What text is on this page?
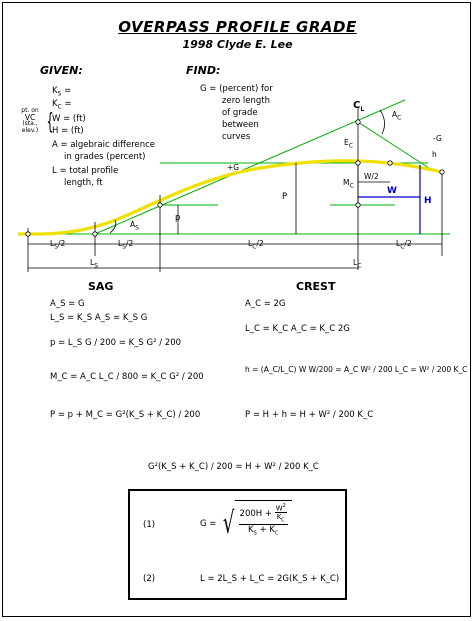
OVERPASS PROFILE GRADE
1998 Clyde E. Lee
GIVEN:	FIND:
$K_S$ =
$K_C$ =
pt. on
VC
(sta.,
elev.) {
W = (ft)
H = (ft)
A = algebraic difference
in grades (percent)
L = total profile
length, ft
G = (percent) for
zero length
of grade
between
curves
$C_L$
$A_C$
-G
+G
$E_C$
$M_C$
h
W/2
W
H
P
p
$A_S$
$L_S/2$	$L_S/2$	$L_C/2$	$L_C/2$
$L_S$	$L_C$
SAG	CREST
A_S = G
L_S = K_S A_S = K_S G
p = L_S G / 200 = K_S G² / 200
M_C = A_C L_C / 800 = K_C G² / 200
P = p + M_C = G²(K_S + K_C) / 200
A_C = 2G
L_C = K_C A_C = K_C 2G
h = (A_C/L_C) W W/200 = A_C W² / 200 L_C = W² / 200 K_C
P = H + h = H + W² / 200 K_C
G²(K_S + K_C) / 200 = H + W² / 200 K_C
(1)	G = √ $\frac{200H + \frac{W^2}{K_C}}{K_S + K_C}$
(2)	L = 2L_S + L_C = 2G(K_S + K_C)
